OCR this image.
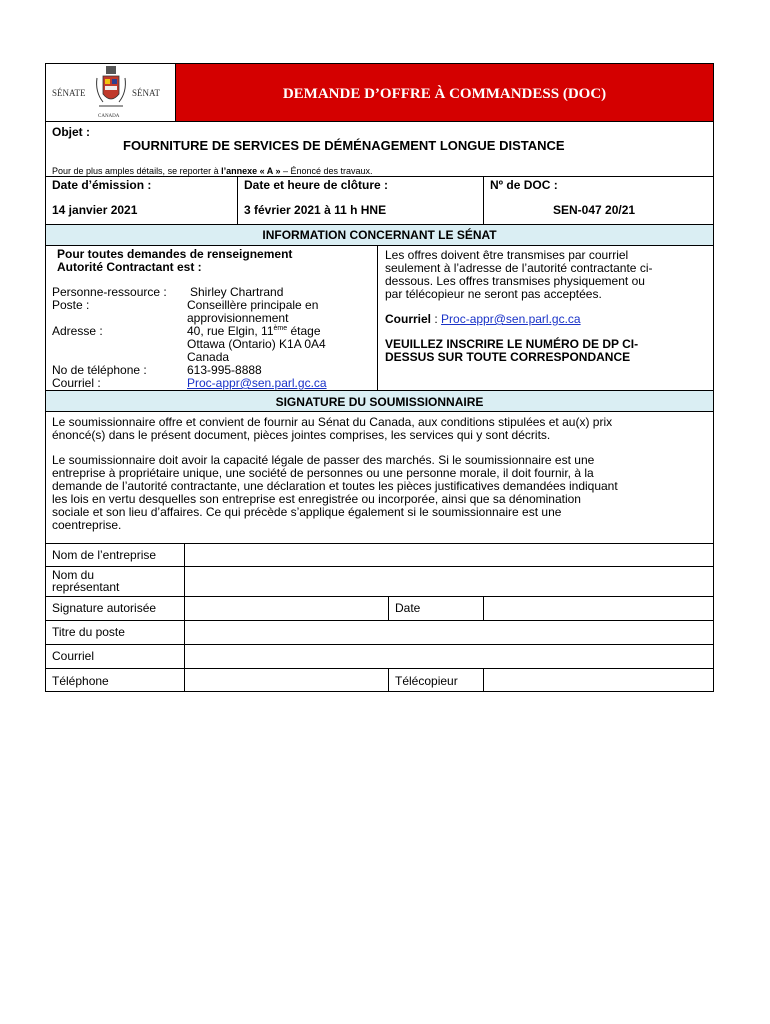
SÉNATE	SÉNAT
CANADA
DEMANDE D’OFFRE À COMMANDESS (DOC)
Objet :
FOURNITURE DE SERVICES DE DÉMÉNAGEMENT LONGUE DISTANCE
Pour de plus amples détails, se reporter à l’annexe « A » – Énoncé des travaux.
Date d’émission :	Date et heure de clôture :	Nº de DOC :
14 janvier 2021	3 février 2021 à 11 h HNE	SEN-047 20/21
INFORMATION CONCERNANT LE SÉNAT
Pour toutes demandes de renseignement
Autorité Contractant est :
Personne-ressource : Shirley Chartrand
Poste :	Conseillère principale en
approvisionnement
Adresse :	40, rue Elgin, 11ème étage
Ottawa (Ontario) K1A 0A4
Canada
No de téléphone :	613-995-8888
Courriel :	Proc-appr@sen.parl.gc.ca
Les offres doivent être transmises par courriel
seulement à l’adresse de l’autorité contractante ci-
dessous. Les offres transmises physiquement ou
par télécopieur ne seront pas acceptées.
Courriel : Proc-appr@sen.parl.gc.ca
VEUILLEZ INSCRIRE LE NUMÉRO DE DP CI-
DESSUS SUR TOUTE CORRESPONDANCE
SIGNATURE DU SOUMISSIONNAIRE
Le soumissionnaire offre et convient de fournir au Sénat du Canada, aux conditions stipulées et au(x) prix
énoncé(s) dans le présent document, pièces jointes comprises, les services qui y sont décrits.
Le soumissionnaire doit avoir la capacité légale de passer des marchés. Si le soumissionnaire est une
entreprise à propriétaire unique, une société de personnes ou une personne morale, il doit fournir, à la
demande de l’autorité contractante, une déclaration et toutes les pièces justificatives demandées indiquant
les lois en vertu desquelles son entreprise est enregistrée ou incorporée, ainsi que sa dénomination
sociale et son lieu d’affaires. Ce qui précède s’applique également si le soumissionnaire est une
coentreprise.
Nom de l’entreprise
Nom du
représentant
Signature autorisée	Date
Titre du poste
Courriel
Téléphone	Télécopieur
